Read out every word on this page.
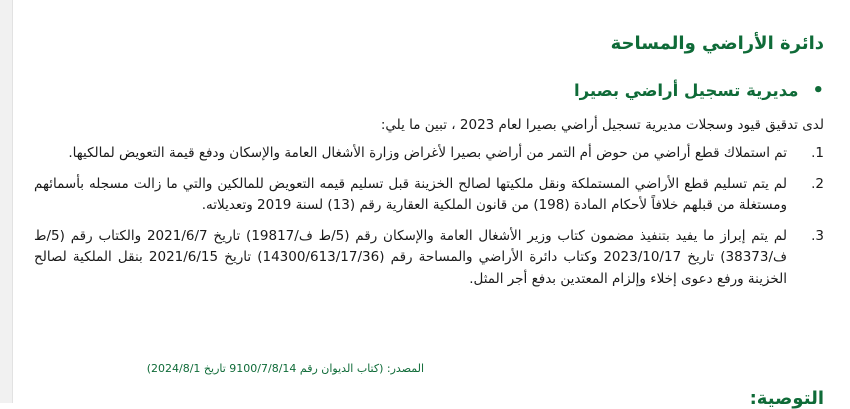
دائرة الأراضي والمساحة
•
مديرية تسجيل أراضي بصيرا

لدى تدقيق قيود وسجلات مديرية تسجيل أراضي بصيرا لعام 2023 ، تبين ما يلي:

1.
تم استملاك قطع أراضي من حوض أم التمر من أراضي بصيرا لأغراض وزارة الأشغال العامة والإسكان ودفع قيمة التعويض لمالكيها.
2.
لم يتم تسليم قطع الأراضي المستملكة ونقل ملكيتها لصالح الخزينة قبل تسليم قيمه التعويض للمالكين والتي ما زالت مسجله بأسمائهم ومستغلة من قبلهم خلافاً لأحكام المادة (198) من قانون الملكية العقارية رقم (13) لسنة 2019 وتعديلاته.
3.
لم يتم إبراز ما يفيد بتنفيذ مضمون كتاب وزير الأشغال العامة والإسكان رقم (5/ط ف/19817) تاريخ 2021/6/7 والكتاب رقم (5/ط ف/38373) تاريخ 2023/10/17 وكتاب دائرة الأراضي والمساحة رقم (14300/613/17/36) تاريخ 2021/6/15 بنقل الملكية لصالح الخزينة ورفع دعوى إخلاء وإلزام المعتدين بدفع أجر المثل.

المصدر: (كتاب الديوان رقم 9100/7/8/14 تاريخ 2024/8/1)

التوصية:
